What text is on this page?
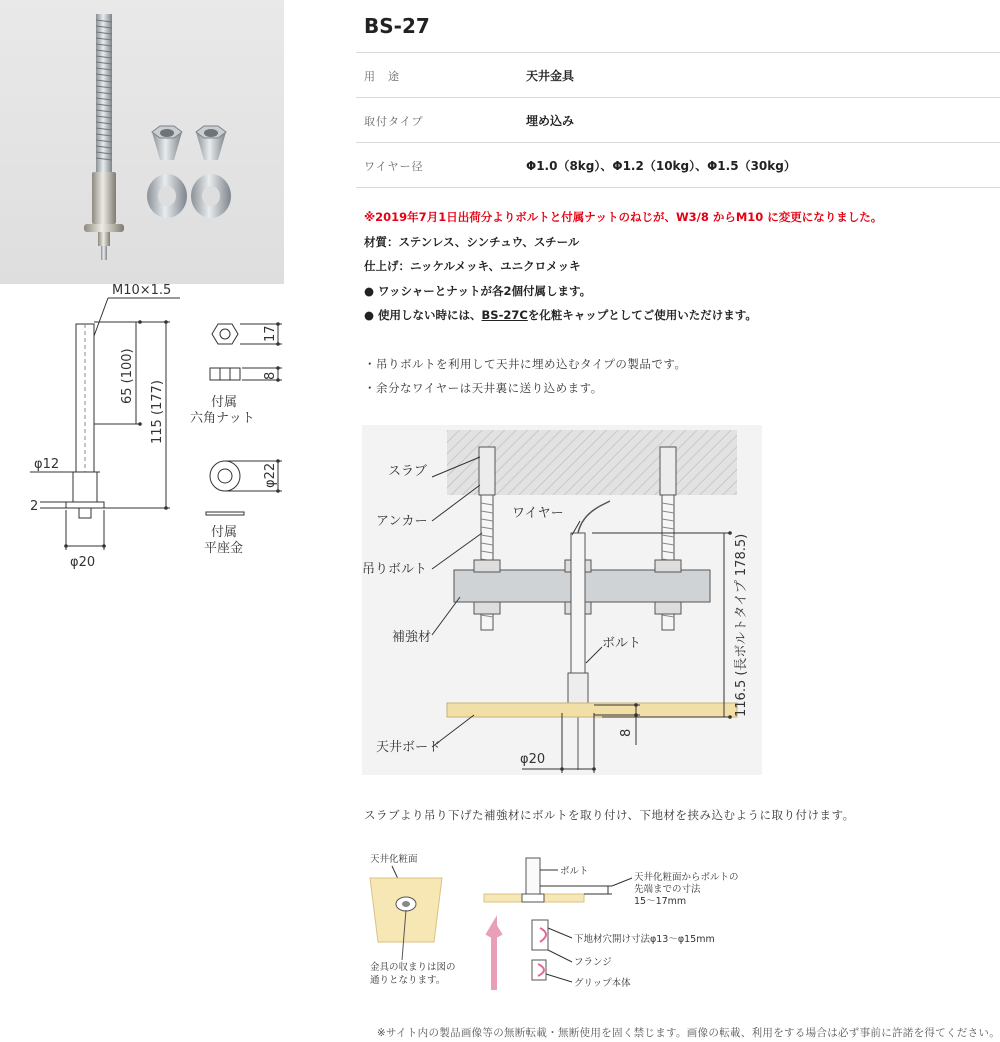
M10×1.5
65 (100)
115 (177)
φ12
2
φ20
17
8
φ22
付属
六角ナット
付属
平座金
BS-27
用　途	天井金具
取付タイプ	埋め込み
ワイヤー径	Φ1.0（8kg）、Φ1.2（10kg）、Φ1.5（30kg）
※2019年7月1日出荷分よりボルトと付属ナットのねじが、W3/8 からM10 に変更になりました。
材質：ステンレス、シンチュウ、スチール
仕上げ：ニッケルメッキ、ユニクロメッキ
● ワッシャーとナットが各2個付属します。
● 使用しない時には、BS-27Cを化粧キャップとしてご使用いただけます。
・吊りボルトを利用して天井に埋め込むタイプの製品です。
・余分なワイヤーは天井裏に送り込めます。
スラブ
アンカー
吊りボルト
補強材
ワイヤー
ボルト
天井ボード
φ20
8
116.5 (長ボルトタイプ 178.5)
スラブより吊り下げた補強材にボルトを取り付け、下地材を挟み込むように取り付けます。
天井化粧面
金具の収まりは図の
通りとなります。
ボルト
天井化粧面からボルトの
先端までの寸法
15〜17mm
下地材穴開け寸法φ13〜φ15mm
フランジ
グリップ本体
※サイト内の製品画像等の無断転載・無断使用を固く禁じます。画像の転載、利用をする場合は必ず事前に許諾を得てください。
